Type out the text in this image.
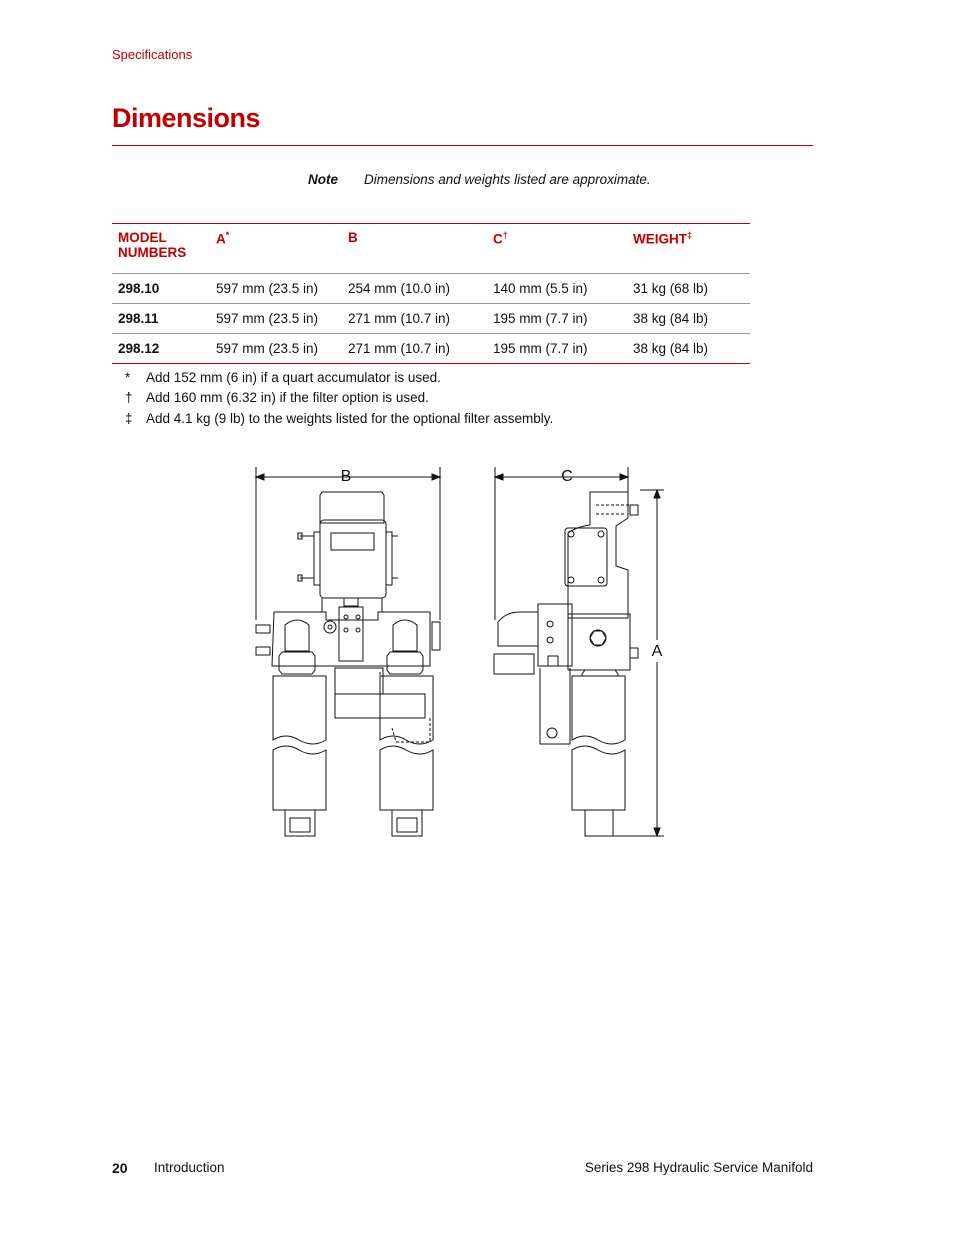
Specifications
Dimensions
Note Dimensions and weights listed are approximate.
MODEL
NUMBERS	A*	B	C†	WEIGHT‡
298.10	597 mm (23.5 in)	254 mm (10.0 in)	140 mm (5.5 in)	31 kg (68 lb)
298.11	597 mm (23.5 in)	271 mm (10.7 in)	195 mm (7.7 in)	38 kg (84 lb)
298.12	597 mm (23.5 in)	271 mm (10.7 in)	195 mm (7.7 in)	38 kg (84 lb)
* Add 152 mm (6 in) if a quart accumulator is used.
† Add 160 mm (6.32 in) if the filter option is used.
‡ Add 4.1 kg (9 lb) to the weights listed for the optional filter assembly.
B	C
A
20 Introduction	Series 298 Hydraulic Service Manifold
